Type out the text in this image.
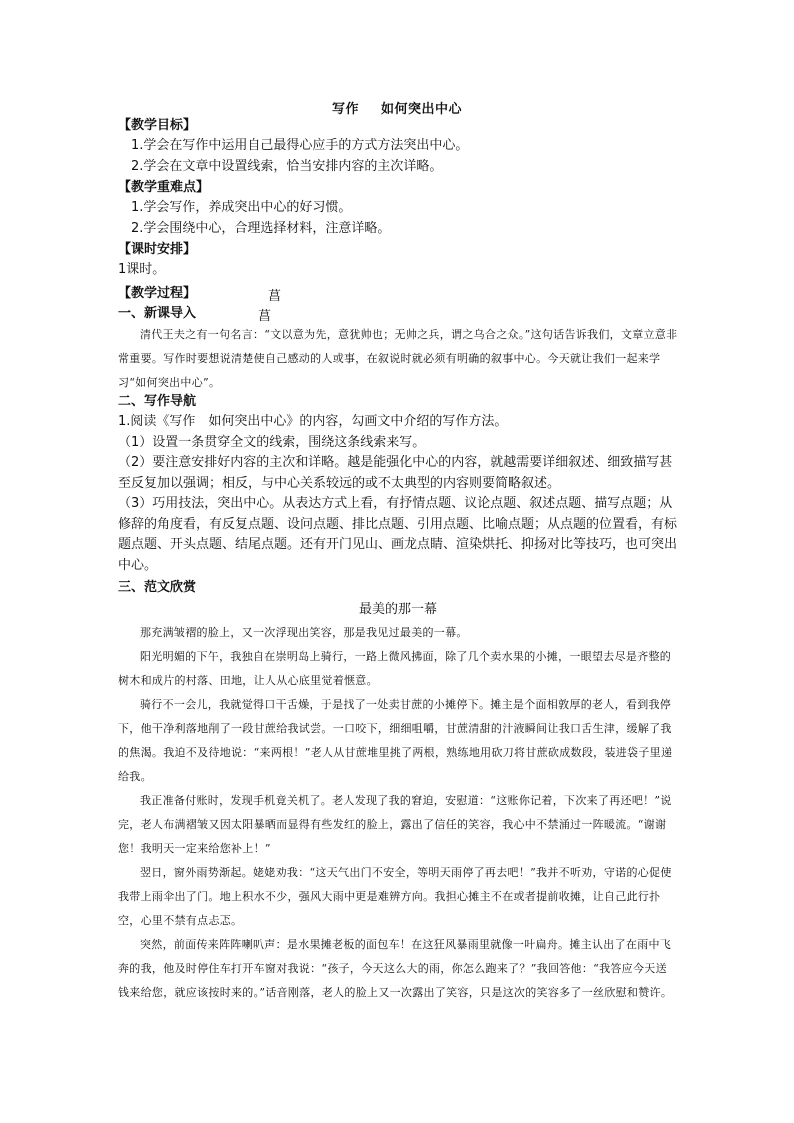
写作 如何突出中心
【教学目标】
1.学会在写作中运用自己最得心应手的方式方法突出中心。
2.学会在文章中设置线索，恰当安排内容的主次详略。
【教学重难点】
1.学会写作，养成突出中心的好习惯。
2.学会围绕中心，合理选择材料，注意详略。
【课时安排】
1课时。
【教学过程】	菖
一、新课导入	菖
清代王夫之有一句名言：“文以意为先，意犹帅也；无帅之兵，谓之乌合之众。”这句话告诉我们，文章立意非常重要。写作时要想说清楚使自己感动的人或事，在叙说时就必须有明确的叙事中心。今天就让我们一起来学习“如何突出中心”。
二、写作导航
1.阅读《写作　如何突出中心》的内容，勾画文中介绍的写作方法。
（1）设置一条贯穿全文的线索，围绕这条线索来写。
（2）要注意安排好内容的主次和详略。越是能强化中心的内容，就越需要详细叙述、细致描写甚至反复加以强调；相反，与中心关系较远的或不太典型的内容则要简略叙述。
（3）巧用技法，突出中心。从表达方式上看，有抒情点题、议论点题、叙述点题、描写点题；从修辞的角度看，有反复点题、设问点题、排比点题、引用点题、比喻点题；从点题的位置看，有标题点题、开头点题、结尾点题。还有开门见山、画龙点睛、渲染烘托、抑扬对比等技巧，也可突出中心。
三、范文欣赏
最美的那一幕
那充满皱褶的脸上，又一次浮现出笑容，那是我见过最美的一幕。
阳光明媚的下午，我独自在崇明岛上骑行，一路上微风拂面，除了几个卖水果的小摊，一眼望去尽是齐整的树木和成片的村落、田地，让人从心底里觉着惬意。
骑行不一会儿，我就觉得口干舌燥，于是找了一处卖甘蔗的小摊停下。摊主是个面相敦厚的老人，看到我停下，他干净利落地削了一段甘蔗给我试尝。一口咬下，细细咀嚼，甘蔗清甜的汁液瞬间让我口舌生津，缓解了我的焦渴。我迫不及待地说：“来两根！”老人从甘蔗堆里挑了两根，熟练地用砍刀将甘蔗砍成数段，装进袋子里递给我。
我正准备付账时，发现手机竟关机了。老人发现了我的窘迫，安慰道：“这账你记着，下次来了再还吧！”说完，老人布满褶皱又因太阳暴晒而显得有些发红的脸上，露出了信任的笑容，我心中不禁涌过一阵暖流。“谢谢您！我明天一定来给您补上！”
翌日，窗外雨势渐起。姥姥劝我：“这天气出门不安全，等明天雨停了再去吧！”我并不听劝，守诺的心促使我带上雨伞出了门。地上积水不少，强风大雨中更是难辨方向。我担心摊主不在或者提前收摊，让自己此行扑空，心里不禁有点忐忑。
突然，前面传来阵阵喇叭声：是水果摊老板的面包车！在这狂风暴雨里就像一叶扁舟。摊主认出了在雨中飞奔的我，他及时停住车打开车窗对我说：“孩子，今天这么大的雨，你怎么跑来了？”我回答他：“我答应今天送钱来给您，就应该按时来的。”话音刚落，老人的脸上又一次露出了笑容，只是这次的笑容多了一丝欣慰和赞许。
